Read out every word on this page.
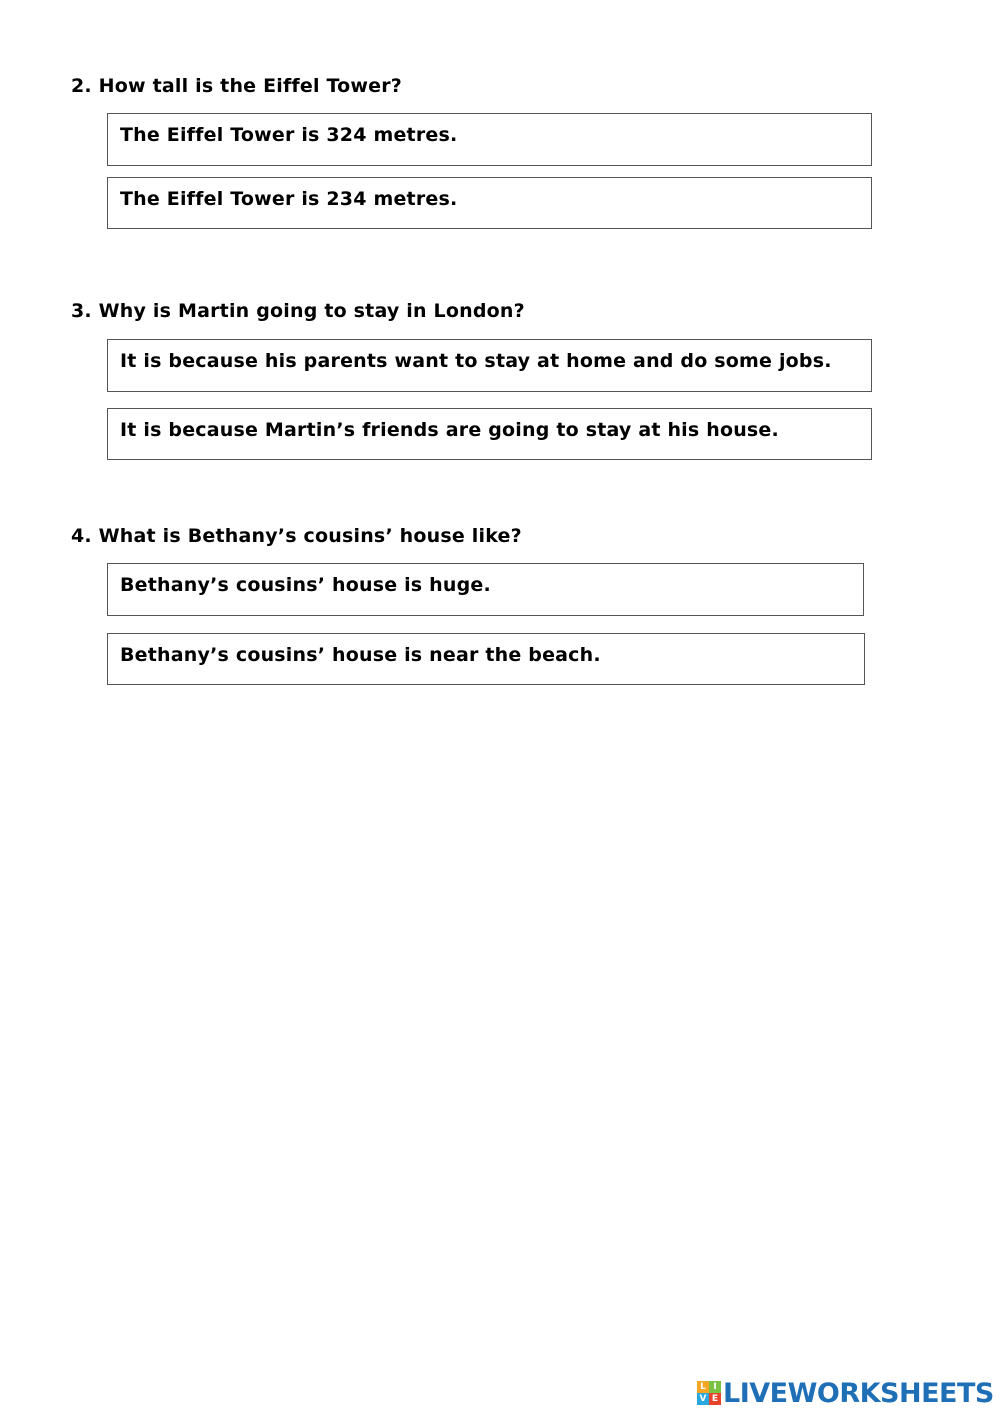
2. How tall is the Eiffel Tower?
The Eiffel Tower is 324 metres.
The Eiffel Tower is 234 metres.
3. Why is Martin going to stay in London?
It is because his parents want to stay at home and do some jobs.
It is because Martin’s friends are going to stay at his house.
4. What is Bethany’s cousins’ house like?
Bethany’s cousins’ house is huge.
Bethany’s cousins’ house is near the beach.
L I
V E LIVEWORKSHEETS
